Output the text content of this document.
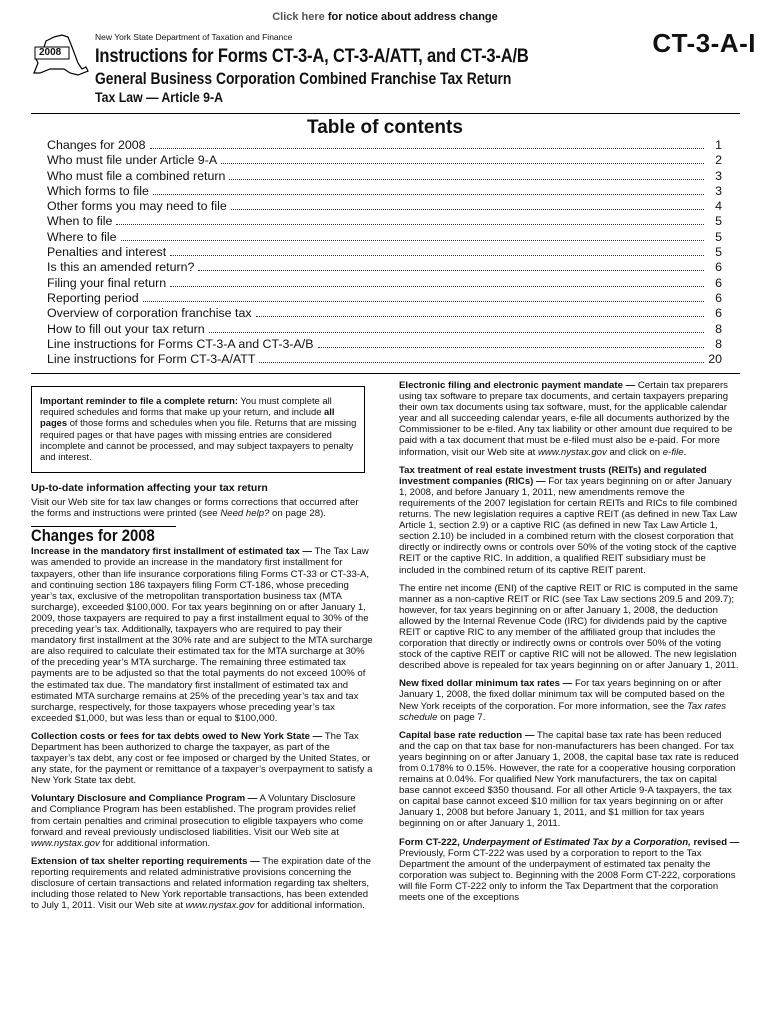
Click here for notice about address change
2008
New York State Department of Taxation and Finance	CT-3-A-I
Instructions for Forms CT-3-A, CT-3-A/ATT, and CT-3-A/B
General Business Corporation Combined Franchise Tax Return
Tax Law — Article 9-A
Table of contents
Changes for 2008	1
Who must file under Article 9-A	2
Who must file a combined return	3
Which forms to file	3
Other forms you may need to file	4
When to file	5
Where to file	5
Penalties and interest	5
Is this an amended return?	6
Filing your final return	6
Reporting period	6
Overview of corporation franchise tax	6
How to fill out your tax return	8
Line instructions for Forms CT-3-A and CT-3-A/B	8
Line instructions for Form CT-3-A/ATT	20
Important reminder to file a complete return: You must complete all required schedules and forms that make up your return, and include all pages of those forms and schedules when you file. Returns that are missing required pages or that have pages with missing entries are considered incomplete and cannot be processed, and may subject taxpayers to penalty and interest.

Up-to-date information affecting your tax return

Visit our Web site for tax law changes or forms corrections that occurred after the forms and instructions were printed (see Need help? on page 28).

Changes for 2008

Increase in the mandatory first installment of estimated tax — The Tax Law was amended to provide an increase in the mandatory first installment for taxpayers, other than life insurance corporations filing Forms CT-33 or CT-33-A, and continuing section 186 taxpayers filing Form CT-186, whose preceding year’s tax, exclusive of the metropolitan transportation business tax (MTA surcharge), exceeded $100,000. For tax years beginning on or after January 1, 2009, those taxpayers are required to pay a first installment equal to 30% of the preceding year’s tax. Additionally, taxpayers who are required to pay their mandatory first installment at the 30% rate and are subject to the MTA surcharge are also required to calculate their estimated tax for the MTA surcharge at 30% of the preceding year’s MTA surcharge. The remaining three estimated tax payments are to be adjusted so that the total payments do not exceed 100% of the estimated tax due. The mandatory first installment of estimated tax and estimated MTA surcharge remains at 25% of the preceding year’s tax and tax surcharge, respectively, for those taxpayers whose preceding year’s tax exceeded $1,000, but was less than or equal to $100,000.

Collection costs or fees for tax debts owed to New York State — The Tax Department has been authorized to charge the taxpayer, as part of the taxpayer’s tax debt, any cost or fee imposed or charged by the United States, or any state, for the payment or remittance of a taxpayer’s overpayment to satisfy a New York State tax debt.

Voluntary Disclosure and Compliance Program — A Voluntary Disclosure and Compliance Program has been established. The program provides relief from certain penalties and criminal prosecution to eligible taxpayers who come forward and reveal previously undisclosed liabilities. Visit our Web site at www.nystax.gov for additional information.

Extension of tax shelter reporting requirements — The expiration date of the reporting requirements and related administrative provisions concerning the disclosure of certain transactions and related information regarding tax shelters, including those related to New York reportable transactions, has been extended to July 1, 2011. Visit our Web site at www.nystax.gov for additional information.

Electronic filing and electronic payment mandate — Certain tax preparers using tax software to prepare tax documents, and certain taxpayers preparing their own tax documents using tax software, must, for the applicable calendar year and all succeeding calendar years, e-file all documents authorized by the Commissioner to be e-filed. Any tax liability or other amount due required to be paid with a tax document that must be e-filed must also be e-paid. For more information, visit our Web site at www.nystax.gov and click on e-file.

Tax treatment of real estate investment trusts (REITs) and regulated investment companies (RICs) — For tax years beginning on or after January 1, 2008, and before January 1, 2011, new amendments remove the requirements of the 2007 legislation for certain REITs and RICs to file combined returns. The new legislation requires a captive REIT (as defined in new Tax Law Article 1, section 2.9) or a captive RIC (as defined in new Tax Law Article 1, section 2.10) be included in a combined return with the closest corporation that directly or indirectly owns or controls over 50% of the voting stock of the captive REIT or the captive RIC. In addition, a qualified REIT subsidiary must be included in the combined return of its captive REIT parent.

The entire net income (ENI) of the captive REIT or RIC is computed in the same manner as a non-captive REIT or RIC (see Tax Law sections 209.5 and 209.7); however, for tax years beginning on or after January 1, 2008, the deduction allowed by the Internal Revenue Code (IRC) for dividends paid by the captive REIT or captive RIC to any member of the affiliated group that includes the corporation that directly or indirectly owns or controls over 50% of the voting stock of the captive REIT or captive RIC will not be allowed. The new legislation described above is repealed for tax years beginning on or after January 1, 2011.

New fixed dollar minimum tax rates — For tax years beginning on or after January 1, 2008, the fixed dollar minimum tax will be computed based on the New York receipts of the corporation. For more information, see the Tax rates schedule on page 7.

Capital base rate reduction — The capital base tax rate has been reduced and the cap on that tax base for non-manufacturers has been changed. For tax years beginning on or after January 1, 2008, the capital base tax rate is reduced from 0.178% to 0.15%. However, the rate for a cooperative housing corporation remains at 0.04%. For qualified New York manufacturers, the tax on capital base cannot exceed $350 thousand. For all other Article 9-A taxpayers, the tax on capital base cannot exceed $10 million for tax years beginning on or after January 1, 2008 but before January 1, 2011, and $1 million for tax years beginning on or after January 1, 2011.

Form CT-222, Underpayment of Estimated Tax by a Corporation, revised — Previously, Form CT-222 was used by a corporation to report to the Tax Department the amount of the underpayment of estimated tax penalty the corporation was subject to. Beginning with the 2008 Form CT-222, corporations will file Form CT-222 only to inform the Tax Department that the corporation meets one of the exceptions
